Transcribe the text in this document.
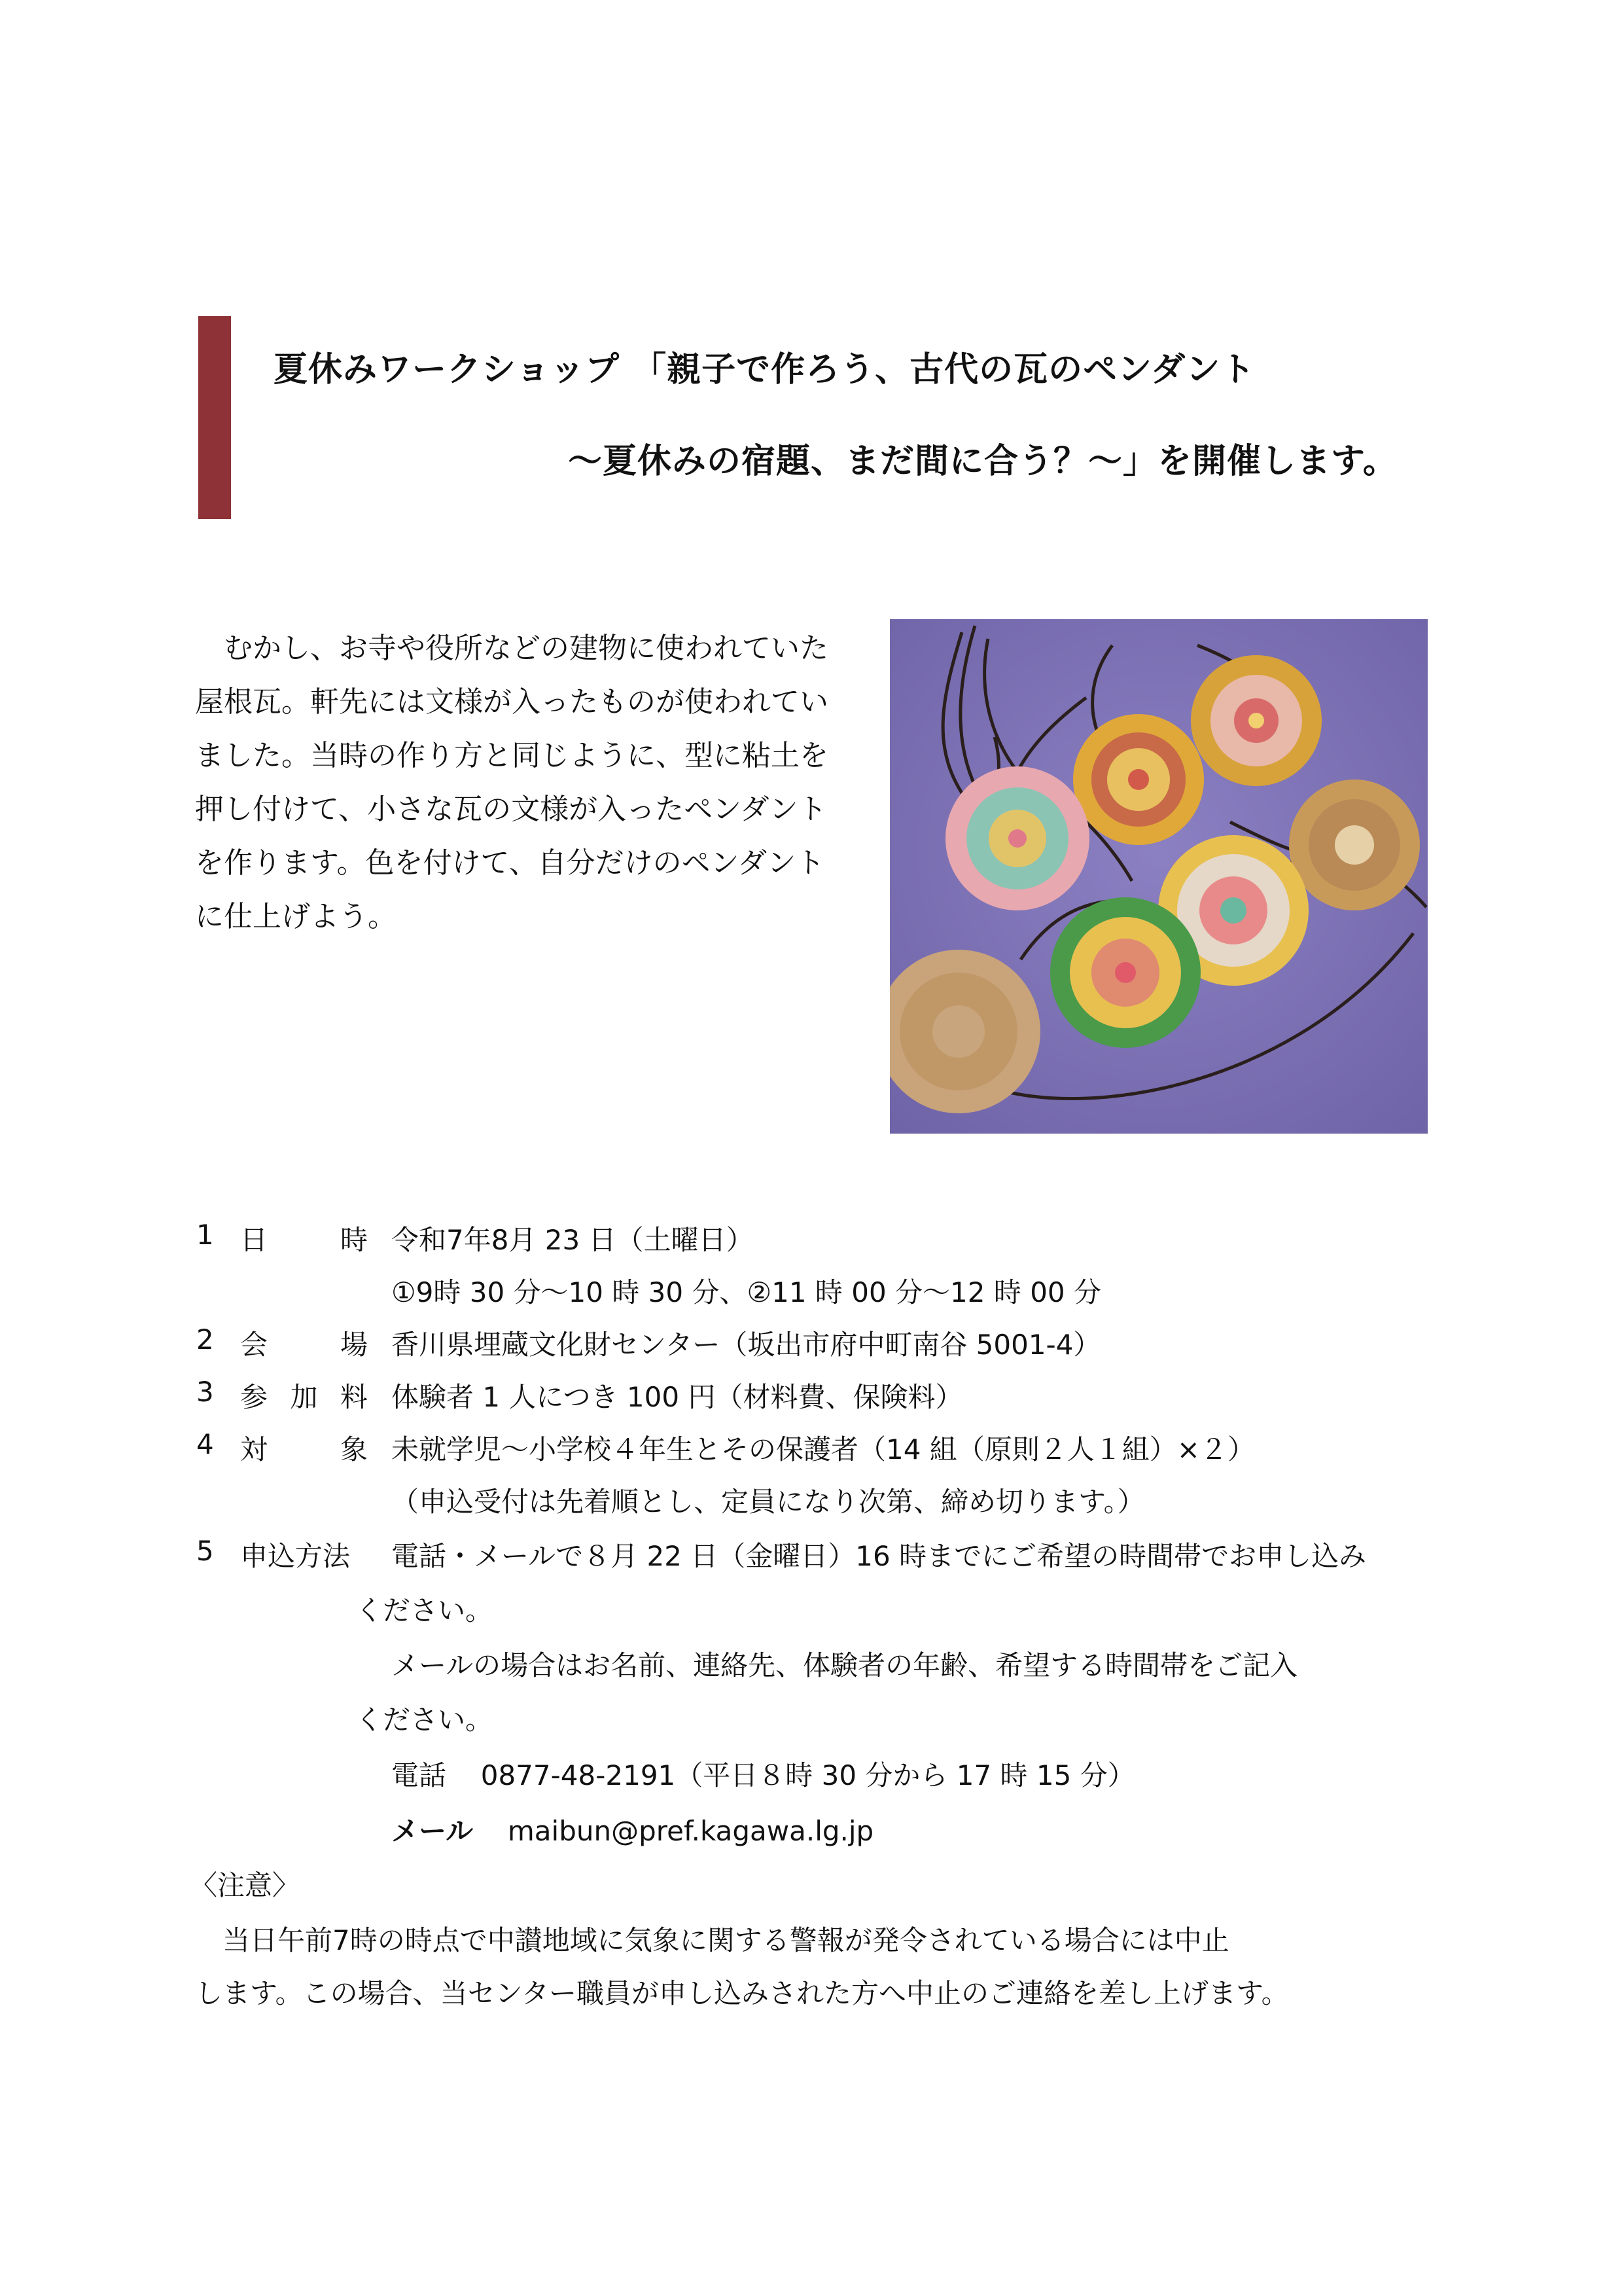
夏休みワークショップ 「親子で作ろう、古代の瓦のペンダント
～夏休みの宿題、まだ間に合う？～」を開催します。

　むかし、お寺や役所などの建物に使われていた

屋根瓦。軒先には文様が入ったものが使われてい

ました。当時の作り方と同じように、型に粘土を

押し付けて、小さな瓦の文様が入ったペンダント

を作ります。色を付けて、自分だけのペンダント

に仕上げよう。

1 日	時 令和7年8月 23 日（土曜日）
①9時 30 分～10 時 30 分、②11 時 00 分～12 時 00 分
2 会	場 香川県埋蔵文化財センター（坂出市府中町南谷 5001-4）
3 参 加 料 体験者 1 人につき 100 円（材料費、保険料）
4 対	象 未就学児～小学校４年生とその保護者（14 組（原則２人１組）×２）
（申込受付は先着順とし、定員になり次第、締め切ります。）
5 申込方法	電話・メールで８月 22 日（金曜日）16 時までにご希望の時間帯でお申し込み
ください。
メールの場合はお名前、連絡先、体験者の年齢、希望する時間帯をご記入
ください。
電話 0877-48-2191（平日８時 30 分から 17 時 15 分）
メール maibun@pref.kagawa.lg.jp
〈注意〉
　当日午前7時の時点で中讃地域に気象に関する警報が発令されている場合には中止
します。この場合、当センター職員が申し込みされた方へ中止のご連絡を差し上げます。
